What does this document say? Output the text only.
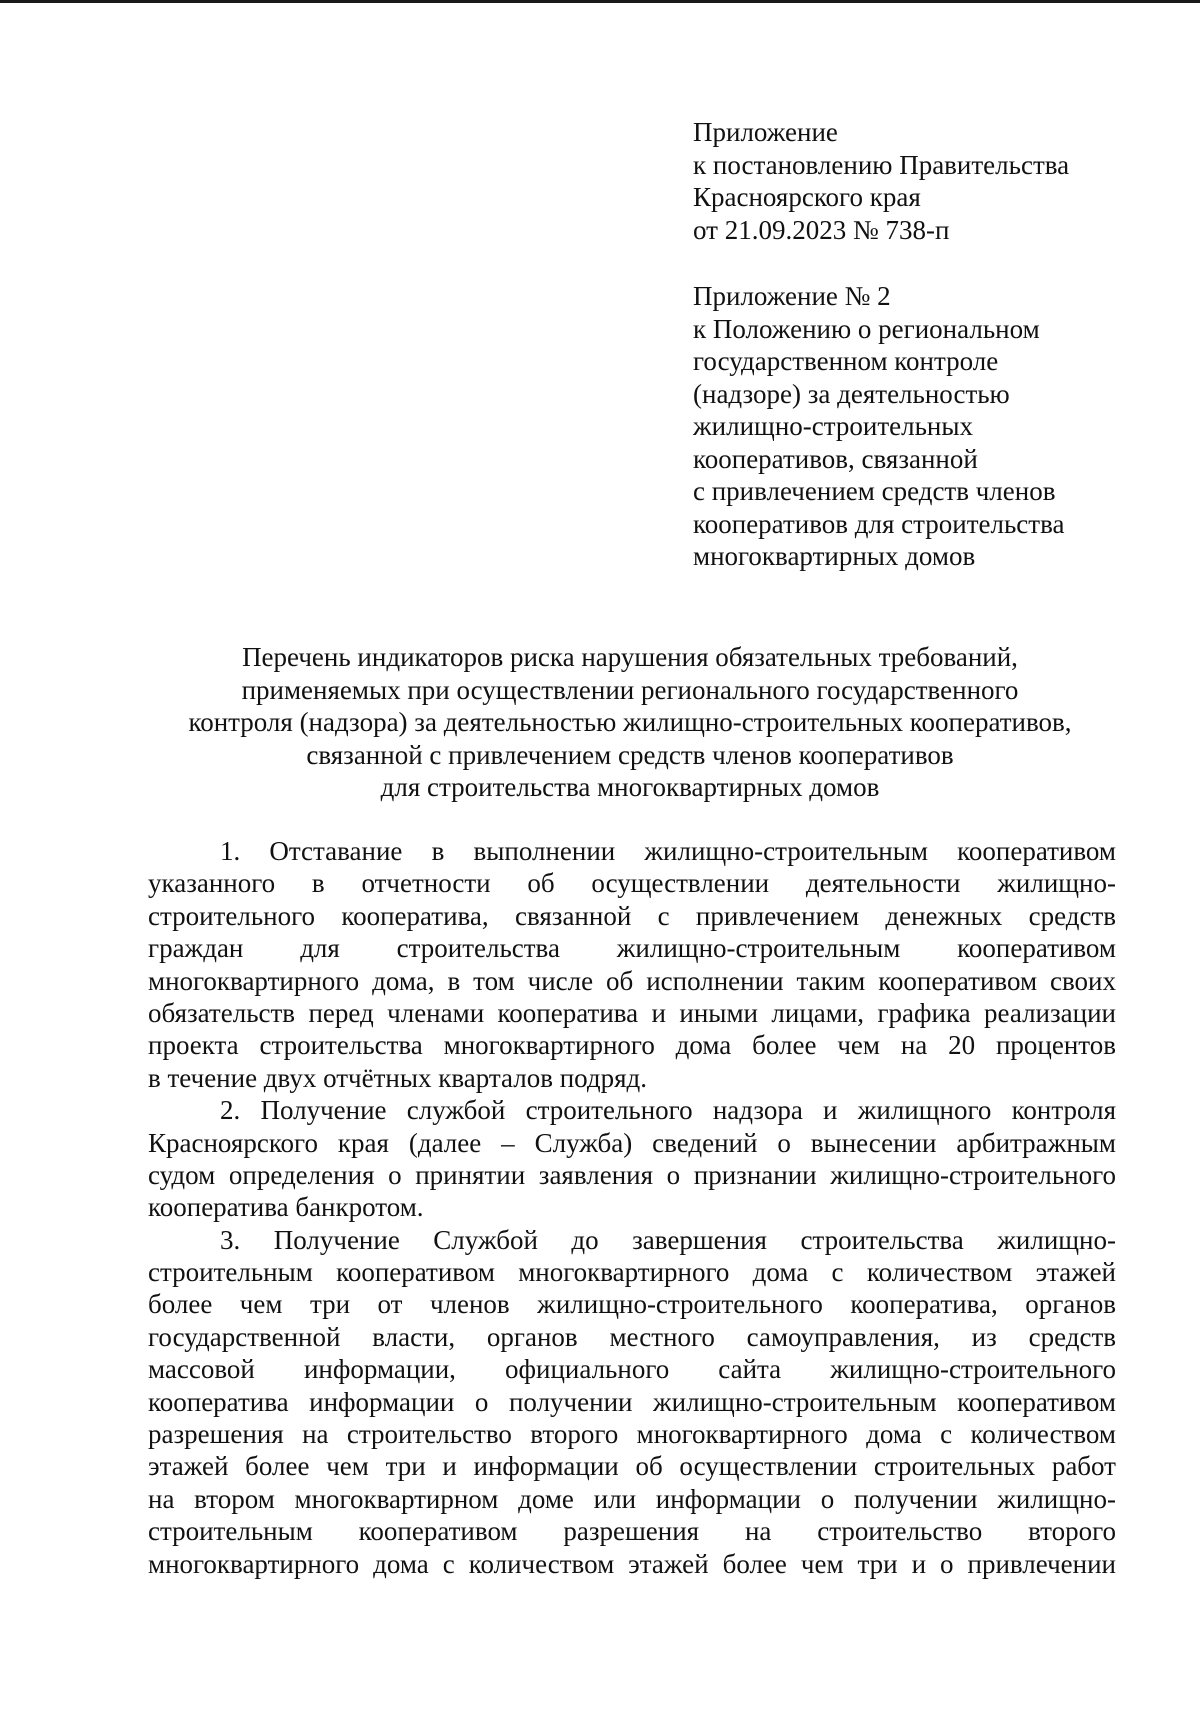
Приложение
к постановлению Правительства
Красноярского края
от 21.09.2023 № 738-п
Приложение № 2
к Положению о региональном
государственном контроле
(надзоре) за деятельностью
жилищно-строительных
кооперативов, связанной
с привлечением средств членов
кооперативов для строительства
многоквартирных домов
Перечень индикаторов риска нарушения обязательных требований,
применяемых при осуществлении регионального государственного
контроля (надзора) за деятельностью жилищно-строительных кооперативов,
связанной с привлечением средств членов кооперативов
для строительства многоквартирных домов
1. Отставание в выполнении жилищно-строительным кооперативом
указанного в отчетности об осуществлении деятельности жилищно-
строительного кооператива, связанной с привлечением денежных средств
граждан для строительства жилищно-строительным кооперативом
многоквартирного дома, в том числе об исполнении таким кооперативом своих
обязательств перед членами кооператива и иными лицами, графика реализации
проекта строительства многоквартирного дома более чем на 20 процентов
в течение двух отчётных кварталов подряд.
2. Получение службой строительного надзора и жилищного контроля
Красноярского края (далее – Служба) сведений о вынесении арбитражным
судом определения о принятии заявления о признании жилищно-строительного
кооператива банкротом.
3. Получение Службой до завершения строительства жилищно-
строительным кооперативом многоквартирного дома с количеством этажей
более чем три от членов жилищно-строительного кооператива, органов
государственной власти, органов местного самоуправления, из средств
массовой информации, официального сайта жилищно-строительного
кооператива информации о получении жилищно-строительным кооперативом
разрешения на строительство второго многоквартирного дома с количеством
этажей более чем три и информации об осуществлении строительных работ
на втором многоквартирном доме или информации о получении жилищно-
строительным кооперативом разрешения на строительство второго
многоквартирного дома с количеством этажей более чем три и о привлечении
